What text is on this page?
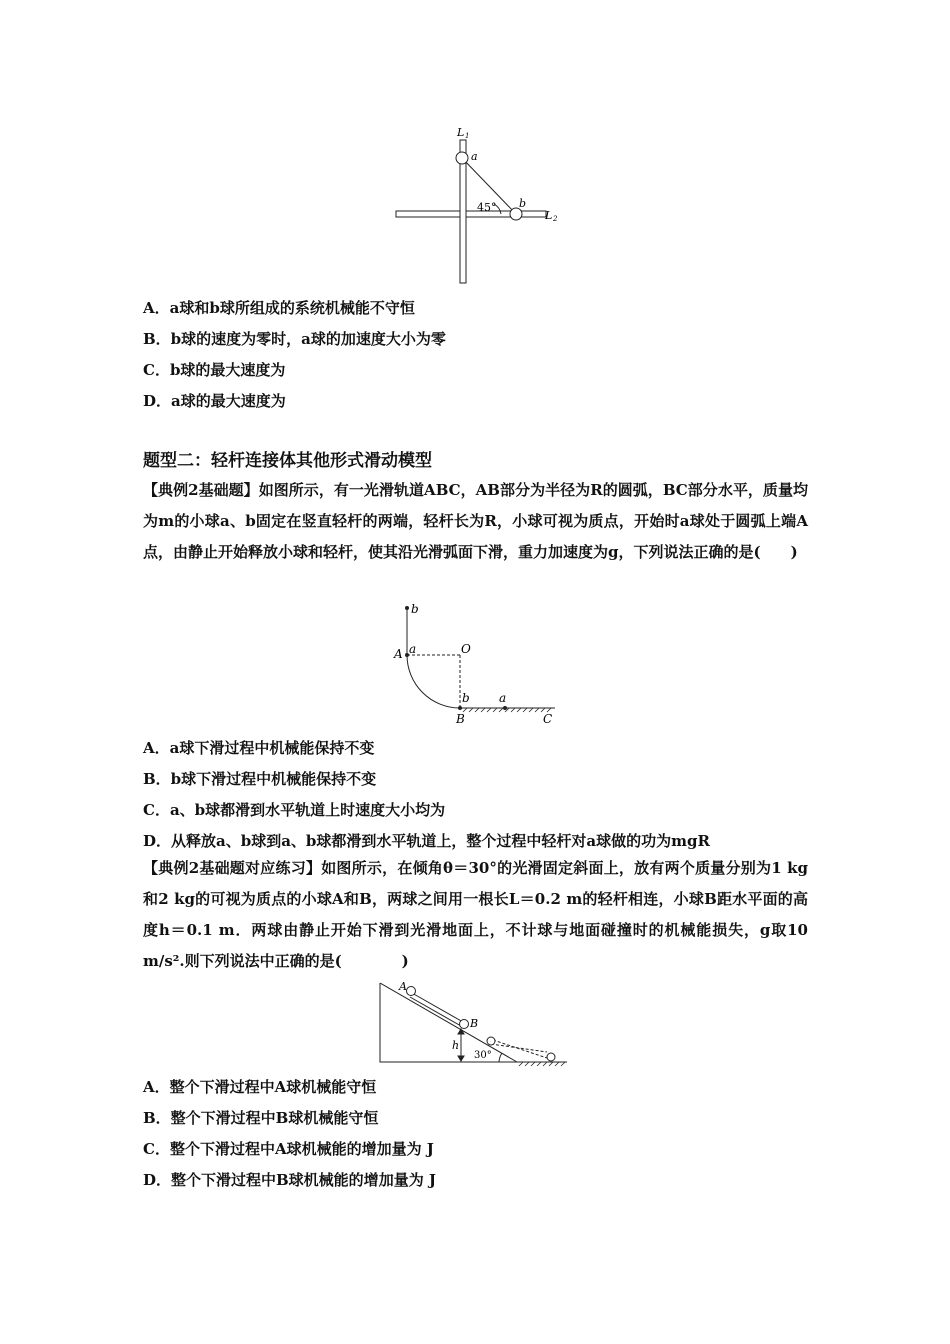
L 1
a
b
45°
L 2
A．a球和b球所组成的系统机械能不守恒
B．b球的速度为零时，a球的加速度大小为零
C．b球的最大速度为
D．a球的最大速度为
题型二：轻杆连接体其他形式滑动模型
【典例2基础题】如图所示，有一光滑轨道ABC，AB部分为半径为R的圆弧，BC部分水平，质量均为m的小球a、b固定在竖直轻杆的两端，轻杆长为R，小球可视为质点，开始时a球处于圆弧上端A点，由静止开始释放小球和轻杆，使其沿光滑弧面下滑，重力加速度为g，下列说法正确的是(　　)
b
a
A	O
b a
B	C
A．a球下滑过程中机械能保持不变
B．b球下滑过程中机械能保持不变
C．a、b球都滑到水平轨道上时速度大小均为
D．从释放a、b球到a、b球都滑到水平轨道上，整个过程中轻杆对a球做的功为mgR
【典例2基础题对应练习】如图所示，在倾角θ＝30°的光滑固定斜面上，放有两个质量分别为1 kg和2 kg的可视为质点的小球A和B，两球之间用一根长L＝0.2 m的轻杆相连，小球B距水平面的高度h＝0.1 m．两球由静止开始下滑到光滑地面上，不计球与地面碰撞时的机械能损失，g取10 m/s².则下列说法中正确的是(　　　　)
A
B
h
30°
A．整个下滑过程中A球机械能守恒
B．整个下滑过程中B球机械能守恒
C．整个下滑过程中A球机械能的增加量为 J
D．整个下滑过程中B球机械能的增加量为 J
